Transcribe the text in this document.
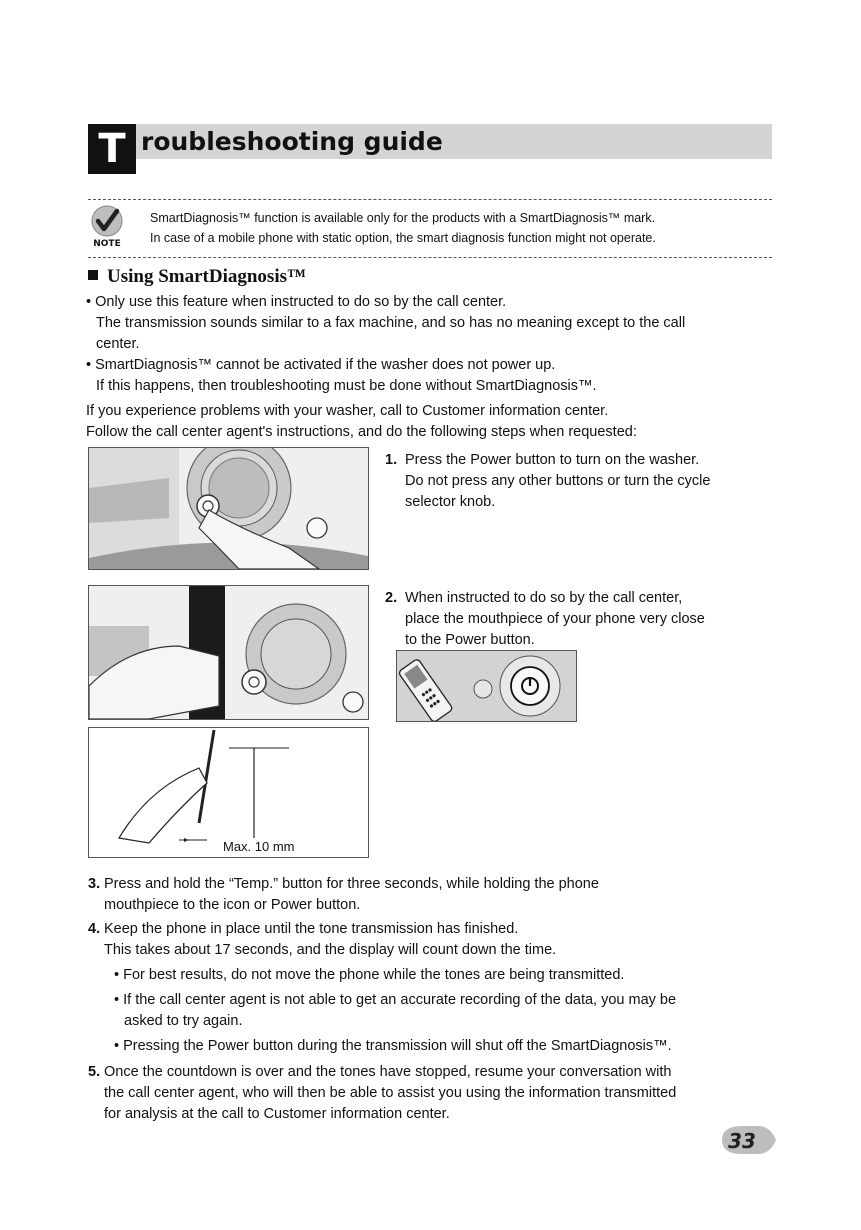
T roubleshooting guide
NOTE
SmartDiagnosis™ function is available only for the products with a SmartDiagnosis™ mark.
In case of a mobile phone with static option, the smart diagnosis function might not operate.
Using SmartDiagnosis™
• Only use this feature when instructed to do so by the call center.
The transmission sounds similar to a fax machine, and so has no meaning except to the call
center.
• SmartDiagnosis™ cannot be activated if the washer does not power up.
If this happens, then troubleshooting must be done without SmartDiagnosis™.
If you experience problems with your washer, call to Customer information center.
Follow the call center agent's instructions, and do the following steps when requested:
1. Press the Power button to turn on the washer.
Do not press any other buttons or turn the cycle
selector knob.
2. When instructed to do so by the call center,
place the mouthpiece of your phone very close
to the Power button.
Max. 10 mm
3. Press and hold the “Temp.” button for three seconds, while holding the phone
mouthpiece to the icon or Power button.
4. Keep the phone in place until the tone transmission has finished.
This takes about 17 seconds, and the display will count down the time.
• For best results, do not move the phone while the tones are being transmitted.
• If the call center agent is not able to get an accurate recording of the data, you may be
asked to try again.
• Pressing the Power button during the transmission will shut off the SmartDiagnosis™.
5. Once the countdown is over and the tones have stopped, resume your conversation with
the call center agent, who will then be able to assist you using the information transmitted
for analysis at the call to Customer information center.
33
